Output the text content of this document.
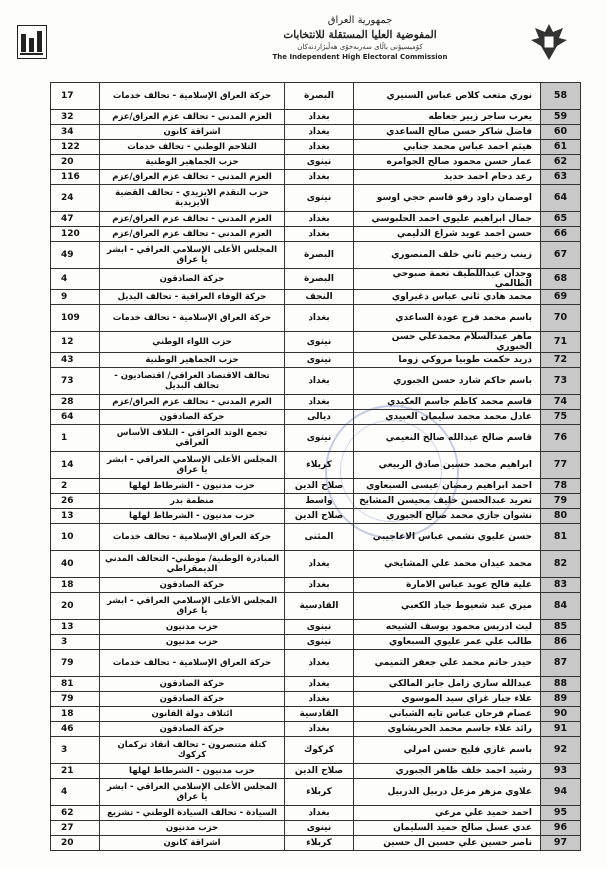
جمهورية العراق
المفوضية العليا المستقلة للانتخابات
کۆمیسیۆنی باڵای سەربەخۆی هەڵبژاردنەکان
The Independent High Electoral Commission
58	نوري متعب كلاص عباس السنيري	البصرة	حركة العراق الإسلامية - تحالف خدمات	17
59	يعرب ساجر زبير جعاطه	بغداد	العزم المدني - تحالف عزم العراق/عزم	32
60	فاضل شاكر حسن صالح الساعدي	بغداد	اشراقة كانون	34
61	هيثم احمد عباس محمد جنابي	بغداد	التلاحم الوطني - تحالف خدمات	122
62	عمار حسن محمود صالح الجوامره	نينوى	حزب الجماهير الوطنية	20
63	رعد دحام احمد حديد	بغداد	العزم المدني - تحالف عزم العراق/عزم	116
64	اوصمان داود رفو قاسم حجي اوسو	نينوى	حزب التقدم الايزيدي - تحالف القضية الايزيدية	24
65	جمال ابراهيم عليوي احمد الحلبوسي	بغداد	العزم المدني - تحالف عزم العراق/عزم	47
66	حسن احمد عويد شراع الدليمي	بغداد	العزم المدني - تحالف عزم العراق/عزم	120
67	زينب رحيم ثاني خلف المنصوري	البصرة	المجلس الأعلى الإسلامي العراقي - ابشر يا عراق	49
68	وجدان عبداللطيف نعمة صبوحي الظالمي	البصرة	حركة الصادقون	4
69	محمد هادي ثاني عباس دغيراوي	النجف	حركة الوفاء العراقية - تحالف البديل	9
70	باسم محمد فرج عودة الساعدي	بغداد	حركة العراق الإسلامية - تحالف خدمات	109
71	ماهر عبدالسلام محمدعلي حسن الجبوري	نينوى	حزب اللواء الوطني	12
72	دريد حكمت طوبيا مروكي زوما	نينوى	حزب الجماهير الوطنية	43
73	باسم حاكم شارد حسن الجبوري	بغداد	تحالف الاقتصاد العراقي/ اقتصاديون - تحالف البديل	73
74	قاسم محمد كاظم جاسم العكيدي	بغداد	العزم المدني - تحالف عزم العراق/عزم	28
75	عادل محمد محمد سليمان العبيدي	ديالى	حركة الصادقون	64
76	قاسم صالح عبدالله صالح النعيمي	نينوى	تجمع الوتد العراقي - التلاف الأساس العراقي	1
77	ابراهيم محمد حسين صادق الربيعي	كربلاء	المجلس الأعلى الإسلامي العراقي - ابشر يا عراق	14
78	احمد ابراهيم رمضان عيسى السبعاوي	صلاح الدين	حزب مدنيون - الشرطاط لهلها	2
79	تغريد عبدالحسن خليف محيسن المشايخ	واسط	منظمة بدر	26
80	نشوان جازي محمد صالح الجبوري	صلاح الدين	حزب مدنيون - الشرطاط لهلها	13
81	حسن عليوي نشمي عباس الاعاجيبي	المثنى	حركة العراق الإسلامية - تحالف خدمات	10
82	محمد عيدان محمد علي المشايخي	بغداد	المبادرة الوطنية/ موطني- التحالف المدني الديمقراطي	40
83	علية فالح عويد عباس الامارة	بغداد	حركة الصادقون	18
84	ميري عبد شعيوط جياد الكعبي	القادسية	المجلس الأعلى الإسلامي العراقي - ابشر يا عراق	20
85	ليث ادريس محمود يوسف الشيحه	نينوى	حزب مدنيون	13
86	طالب علي عمر عليوي السبعاوي	نينوى	حزب مدنيون	3
87	حيدر حاتم محمد علي جعفر التميمي	بغداد	حركة العراق الإسلامية - تحالف خدمات	79
88	عبدالله ساري زامل جابر المالكي	بغداد	حركة الصادقون	81
89	علاء جبار غزاي سيد الموسوي	بغداد	حركة الصادقون	79
90	عصام فرحان عباس تايه الشباني	القادسية	ائتلاف دولة القانون	18
91	رائد علاء جاسم محمد الحريشاوي	بغداد	حركة الصادقون	46
92	باسم غازي فليح حسن امرلي	كركوك	كتلة متنصرون - تحالف انقاذ تركمان كركوك	3
93	رشيد احمد خلف ظاهر الجبوري	صلاح الدين	حزب مدنيون - الشرطاط لهلها	21
94	علاوي مزهر مزعل دربيل الدربيل	كربلاء	المجلس الأعلى الإسلامي العراقي - ابشر يا عراق	4
95	احمد حميد علي مرعي	بغداد	السيادة - تحالف السيادة الوطني - تشريع	62
96	عدي عسل صالح حميد السليمان	نينوى	حزب مدنيون	27
97	ناصر حسين علي حسين ال حسين	كربلاء	اشراقة كانون	20
